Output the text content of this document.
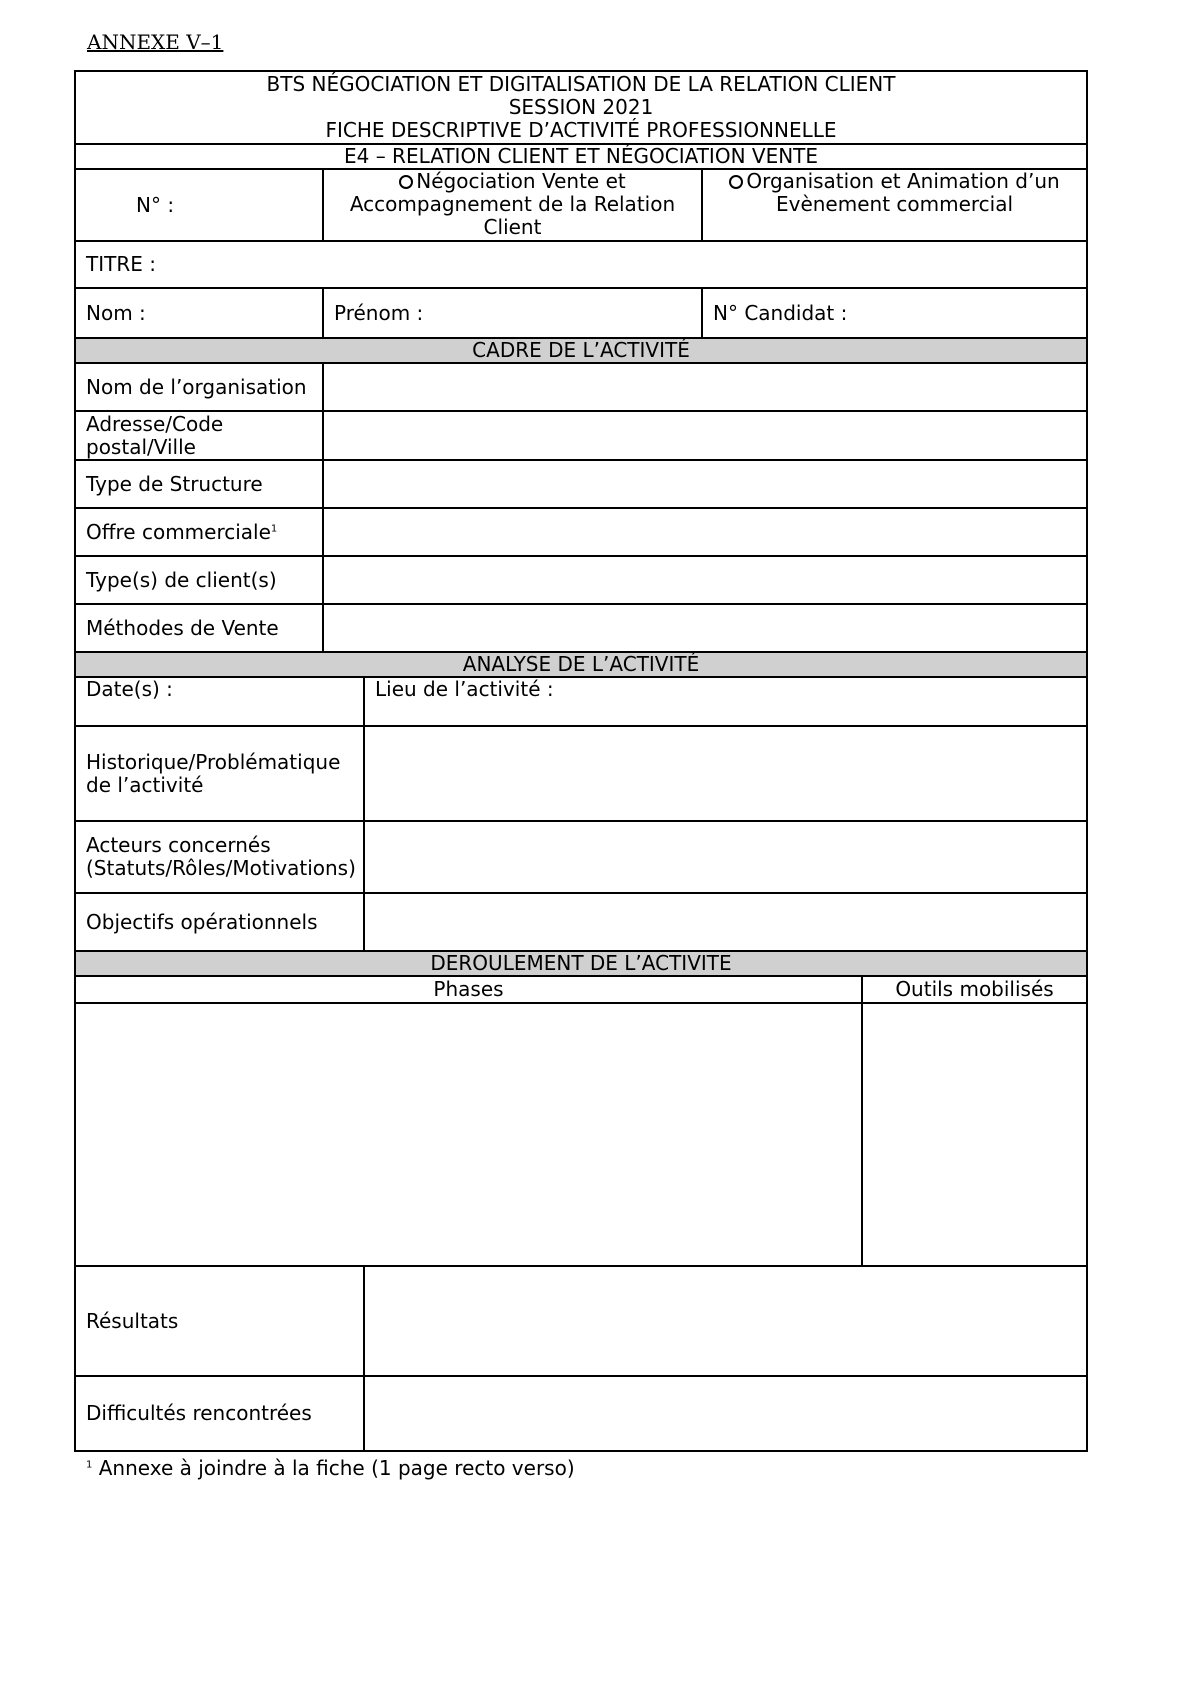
ANNEXE V–1
BTS NÉGOCIATION ET DIGITALISATION DE LA RELATION CLIENT
SESSION 2021
FICHE DESCRIPTIVE D’ACTIVITÉ PROFESSIONNELLE				

E4 – RELATION CLIENT ET NÉGOCIATION VENTE				
N° :	Négociation Vente et Accompagnement de la Relation Client		Organisation et Animation d’un Evènement commercial	
TITRE :				
Nom :	Prénom :		N° Candidat :	
CADRE DE L’ACTIVITÉ				
Nom de l’organisation				
Adresse/Code postal/Ville				
Type de Structure				
Offre commerciale$^1$	
Type(s) de client(s)				
Méthodes de Vente				
ANALYSE DE L’ACTIVITÉ				
Date(s) :		Lieu de l’activité :		
Historique/Problématique de l’activité				
Acteurs concernés (Statuts/Rôles/Motivations)				
Objectifs opérationnels				
DEROULEMENT DE L’ACTIVITE				
Phases				Outils mobilisés

Résultats				
Difficultés rencontrées				
$^1$ Annexe à joindre à la fiche (1 page recto verso)
